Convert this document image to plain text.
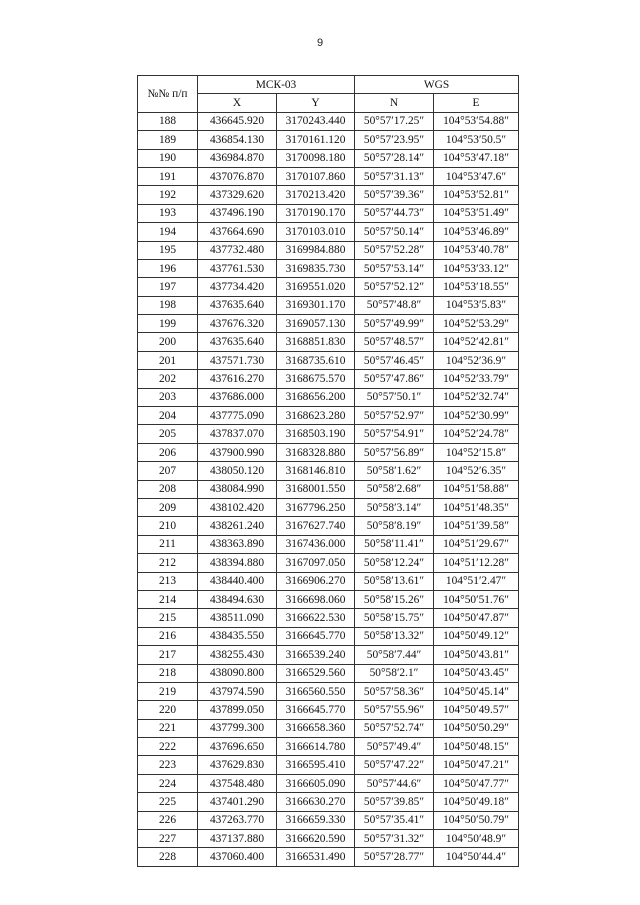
9
№№ п/п	МСК-03		WGS	
	X	Y	N	E
188	436645.920	3170243.440	50°57′17.25″	104°53′54.88″
189	436854.130	3170161.120	50°57′23.95″	104°53′50.5″
190	436984.870	3170098.180	50°57′28.14″	104°53′47.18″
191	437076.870	3170107.860	50°57′31.13″	104°53′47.6″
192	437329.620	3170213.420	50°57′39.36″	104°53′52.81″
193	437496.190	3170190.170	50°57′44.73″	104°53′51.49″
194	437664.690	3170103.010	50°57′50.14″	104°53′46.89″
195	437732.480	3169984.880	50°57′52.28″	104°53′40.78″
196	437761.530	3169835.730	50°57′53.14″	104°53′33.12″
197	437734.420	3169551.020	50°57′52.12″	104°53′18.55″
198	437635.640	3169301.170	50°57′48.8″	104°53′5.83″
199	437676.320	3169057.130	50°57′49.99″	104°52′53.29″
200	437635.640	3168851.830	50°57′48.57″	104°52′42.81″
201	437571.730	3168735.610	50°57′46.45″	104°52′36.9″
202	437616.270	3168675.570	50°57′47.86″	104°52′33.79″
203	437686.000	3168656.200	50°57′50.1″	104°52′32.74″
204	437775.090	3168623.280	50°57′52.97″	104°52′30.99″
205	437837.070	3168503.190	50°57′54.91″	104°52′24.78″
206	437900.990	3168328.880	50°57′56.89″	104°52′15.8″
207	438050.120	3168146.810	50°58′1.62″	104°52′6.35″
208	438084.990	3168001.550	50°58′2.68″	104°51′58.88″
209	438102.420	3167796.250	50°58′3.14″	104°51′48.35″
210	438261.240	3167627.740	50°58′8.19″	104°51′39.58″
211	438363.890	3167436.000	50°58′11.41″	104°51′29.67″
212	438394.880	3167097.050	50°58′12.24″	104°51′12.28″
213	438440.400	3166906.270	50°58′13.61″	104°51′2.47″
214	438494.630	3166698.060	50°58′15.26″	104°50′51.76″
215	438511.090	3166622.530	50°58′15.75″	104°50′47.87″
216	438435.550	3166645.770	50°58′13.32″	104°50′49.12″
217	438255.430	3166539.240	50°58′7.44″	104°50′43.81″
218	438090.800	3166529.560	50°58′2.1″	104°50′43.45″
219	437974.590	3166560.550	50°57′58.36″	104°50′45.14″
220	437899.050	3166645.770	50°57′55.96″	104°50′49.57″
221	437799.300	3166658.360	50°57′52.74″	104°50′50.29″
222	437696.650	3166614.780	50°57′49.4″	104°50′48.15″
223	437629.830	3166595.410	50°57′47.22″	104°50′47.21″
224	437548.480	3166605.090	50°57′44.6″	104°50′47.77″
225	437401.290	3166630.270	50°57′39.85″	104°50′49.18″
226	437263.770	3166659.330	50°57′35.41″	104°50′50.79″
227	437137.880	3166620.590	50°57′31.32″	104°50′48.9″
228	437060.400	3166531.490	50°57′28.77″	104°50′44.4″
